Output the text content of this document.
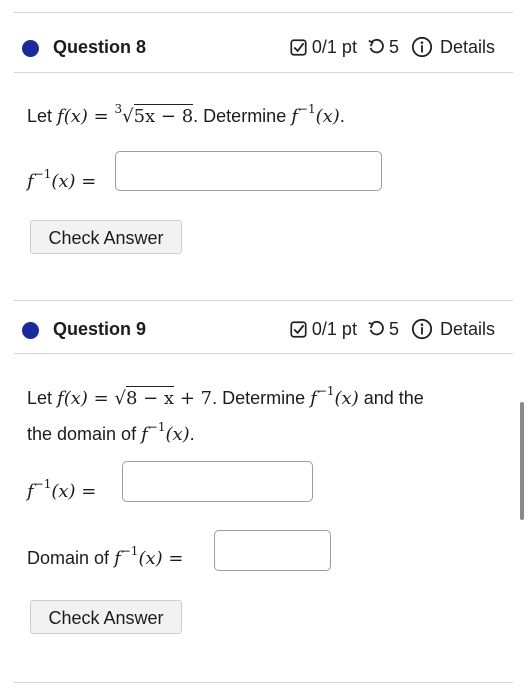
Question 8	0/1 pt 5 Details
Let f(x) = $^3$√5x − 8. Determine $f^{-1}(x)$.
$f^{-1}(x)$ =
Check Answer
Question 9	0/1 pt 5 Details
Let f(x) = √8 − x + 7. Determine $f^{-1}(x)$ and the
the domain of $f^{-1}(x)$.
$f^{-1}(x)$ =
Domain of $f^{-1}(x)$ =
Check Answer
